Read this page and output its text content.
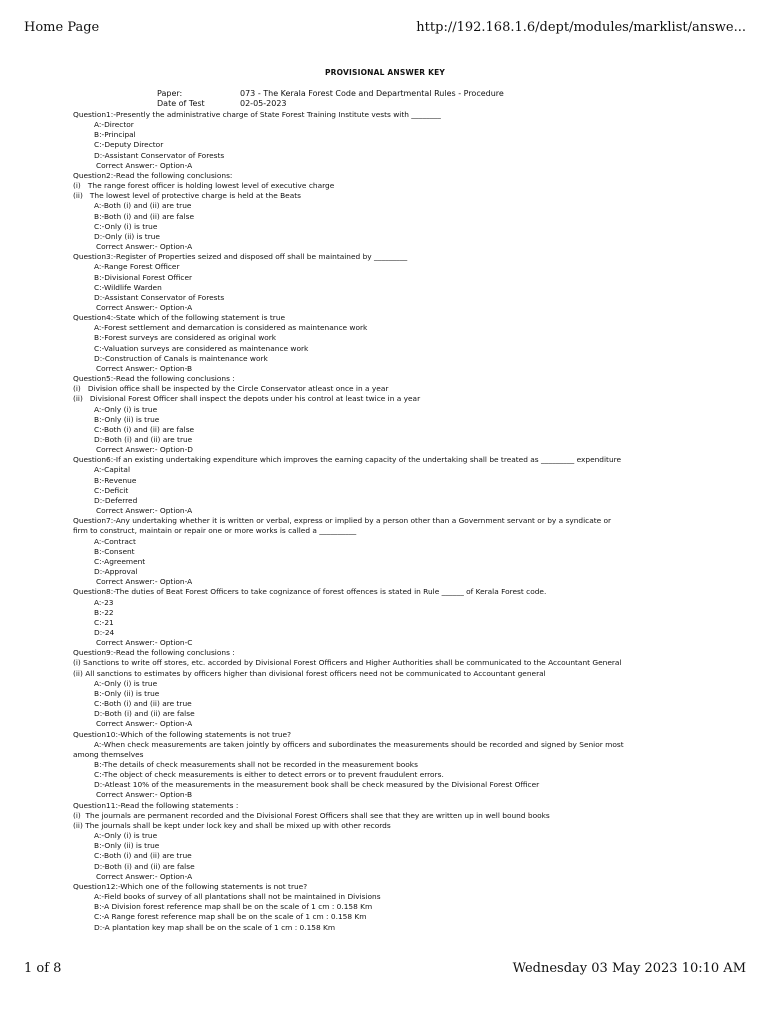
Home Page	http://192.168.1.6/dept/modules/marklist/answe...
PROVISIONAL ANSWER KEY
Paper:	073 - The Kerala Forest Code and Departmental Rules - Procedure
Date of Test	02-05-2023
Question1:-Presently the administrative charge of State Forest Training Institute vests with ________
A:-Director
B:-Principal
C:-Deputy Director
D:-Assistant Conservator of Forests
Correct Answer:- Option-A
Question2:-Read the following conclusions:
(i)   The range forest officer is holding lowest level of executive charge
(ii)   The lowest level of protective charge is held at the Beats
A:-Both (i) and (ii) are true
B:-Both (i) and (ii) are false
C:-Only (i) is true
D:-Only (ii) is true
Correct Answer:- Option-A
Question3:-Register of Properties seized and disposed off shall be maintained by _________
A:-Range Forest Officer
B:-Divisional Forest Officer
C:-Wildlife Warden
D:-Assistant Conservator of Forests
Correct Answer:- Option-A
Question4:-State which of the following statement is true
A:-Forest settlement and demarcation is considered as maintenance work
B:-Forest surveys are considered as original work
C:-Valuation surveys are considered as maintenance work
D:-Construction of Canals is maintenance work
Correct Answer:- Option-B
Question5:-Read the following conclusions :
(i)   Division office shall be inspected by the Circle Conservator atleast once in a year
(ii)   Divisional Forest Officer shall inspect the depots under his control at least twice in a year
A:-Only (i) is true
B:-Only (ii) is true
C:-Both (i) and (ii) are false
D:-Both (i) and (ii) are true
Correct Answer:- Option-D
Question6:-If an existing undertaking expenditure which improves the earning capacity of the undertaking shall be treated as _________ expenditure
A:-Capital
B:-Revenue
C:-Deficit
D:-Deferred
Correct Answer:- Option-A
Question7:-Any undertaking whether it is written or verbal, express or implied by a person other than a Government servant or by a syndicate or
firm to construct, maintain or repair one or more works is called a __________
A:-Contract
B:-Consent
C:-Agreement
D:-Approval
Correct Answer:- Option-A
Question8:-The duties of Beat Forest Officers to take cognizance of forest offences is stated in Rule ______ of Kerala Forest code.
A:-23
B:-22
C:-21
D:-24
Correct Answer:- Option-C
Question9:-Read the following conclusions :
(i) Sanctions to write off stores, etc. accorded by Divisional Forest Officers and Higher Authorities shall be communicated to the Accountant General
(ii) All sanctions to estimates by officers higher than divisional forest officers need not be communicated to Accountant general
A:-Only (i) is true
B:-Only (ii) is true
C:-Both (i) and (ii) are true
D:-Both (i) and (ii) are false
Correct Answer:- Option-A
Question10:-Which of the following statements is not true?
A:-When check measurements are taken jointly by officers and subordinates the measurements should be recorded and signed by Senior most
among themselves
B:-The details of check measurements shall not be recorded in the measurement books
C:-The object of check measurements is either to detect errors or to prevent fraudulent errors.
D:-Atleast 10% of the measurements in the measurement book shall be check measured by the Divisional Forest Officer
Correct Answer:- Option-B
Question11:-Read the following statements :
(i)  The journals are permanent recorded and the Divisional Forest Officers shall see that they are written up in well bound books
(ii) The journals shall be kept under lock key and shall be mixed up with other records
A:-Only (i) is true
B:-Only (ii) is true
C:-Both (i) and (ii) are true
D:-Both (i) and (ii) are false
Correct Answer:- Option-A
Question12:-Which one of the following statements is not true?
A:-Field books of survey of all plantations shall not be maintained in Divisions
B:-A Division forest reference map shall be on the scale of 1 cm : 0.158 Km
C:-A Range forest reference map shall be on the scale of 1 cm : 0.158 Km
D:-A plantation key map shall be on the scale of 1 cm : 0.158 Km
1 of 8	Wednesday 03 May 2023 10:10 AM
